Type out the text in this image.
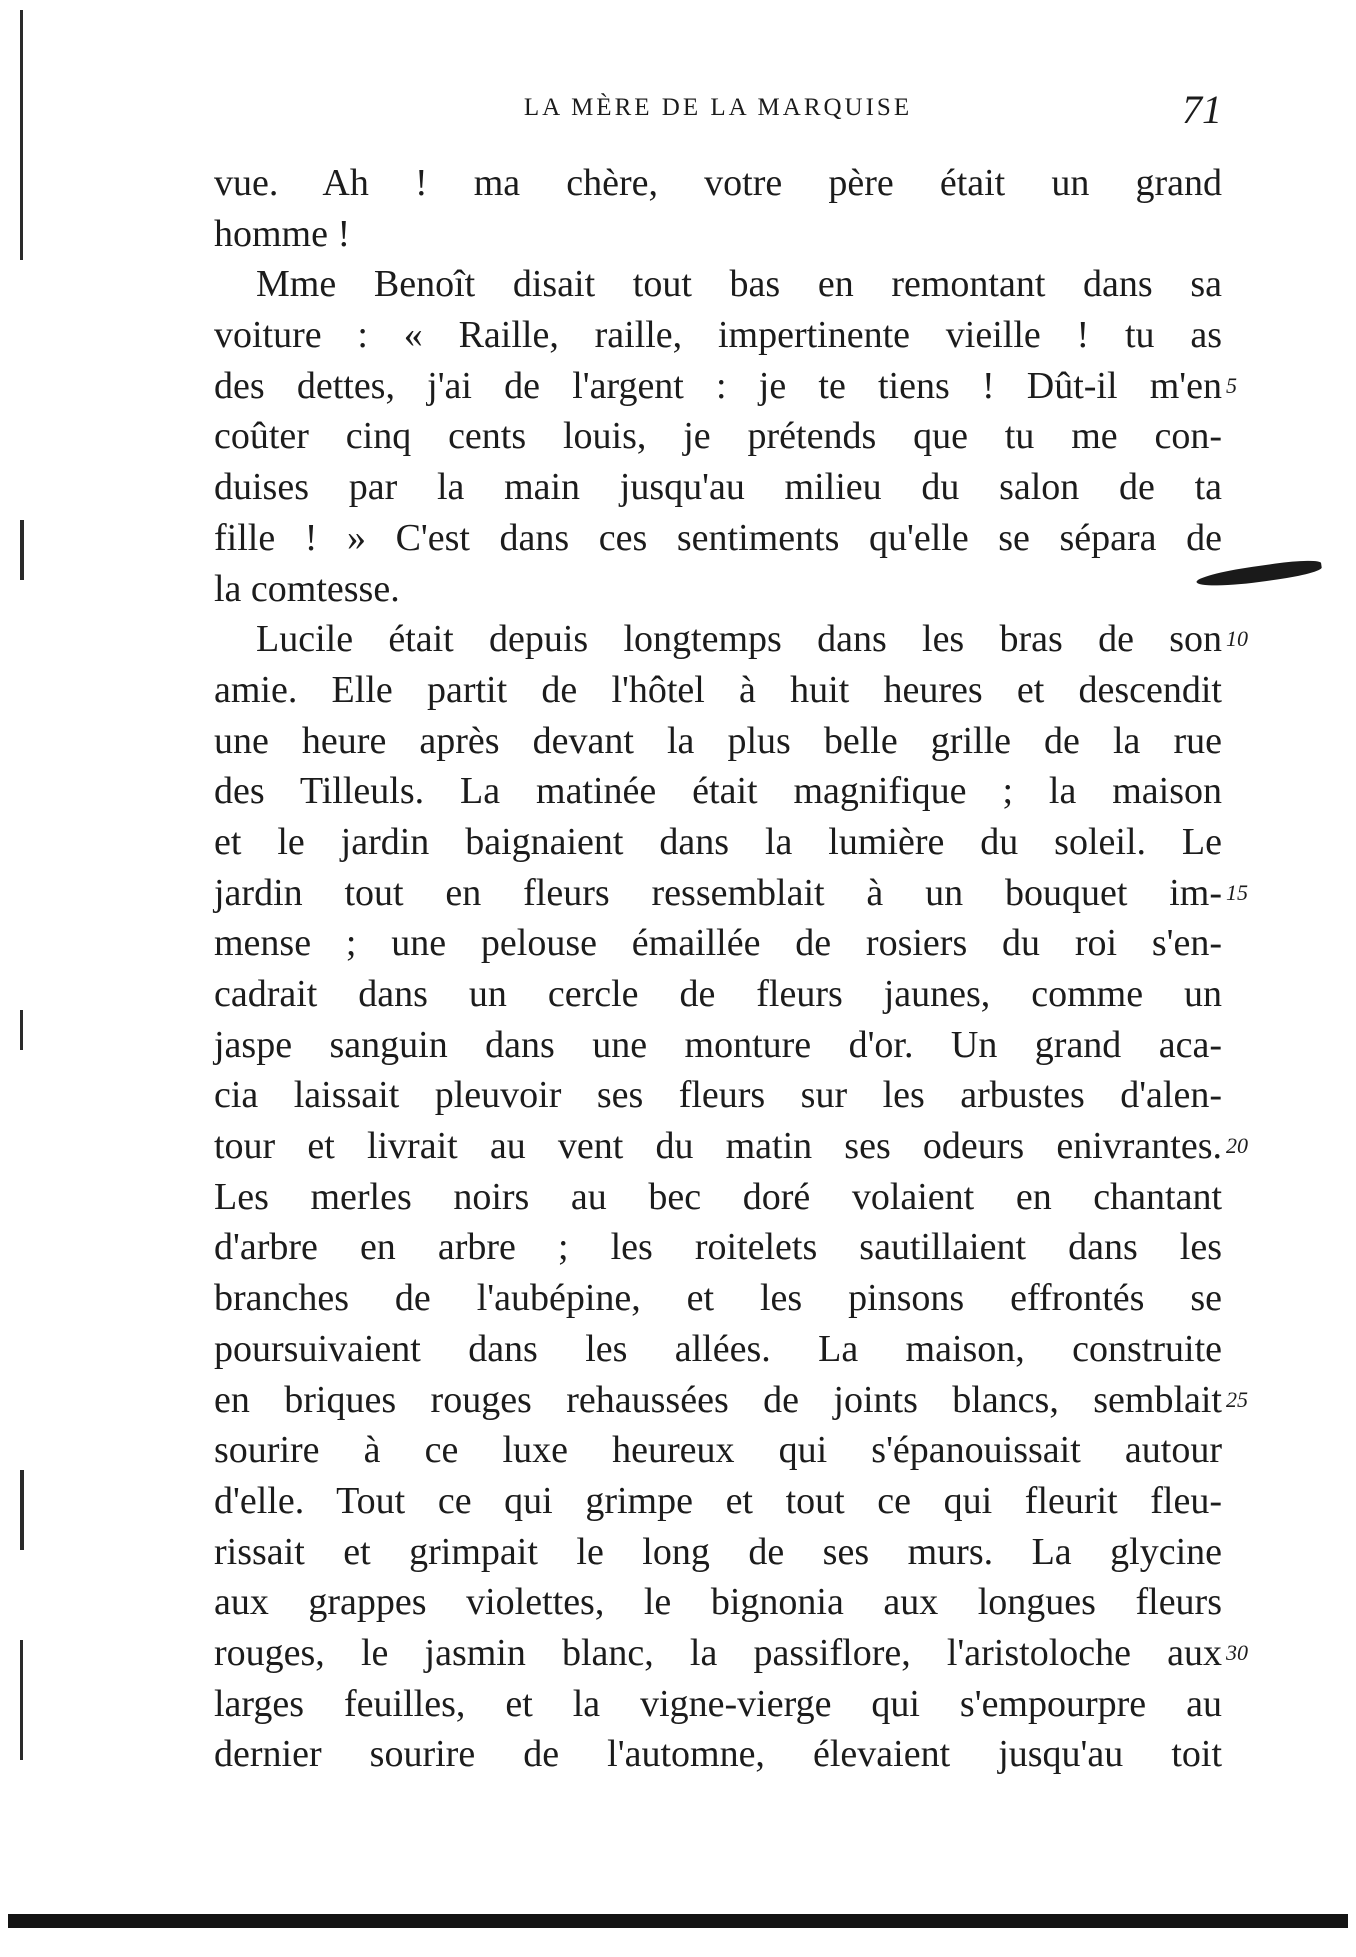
LA MÈRE DE LA MARQUISE	71
vue. Ah ! ma chère, votre père était un grand
homme !
Mme Benoît disait tout bas en remontant dans sa
voiture : « Raille, raille, impertinente vieille ! tu as
des dettes, j'ai de l'argent : je te tiens ! Dût-il m'en 5
coûter cinq cents louis, je prétends que tu me con-
duises par la main jusqu'au milieu du salon de ta
fille ! » C'est dans ces sentiments qu'elle se sépara de
la comtesse.
Lucile était depuis longtemps dans les bras de son 10
amie. Elle partit de l'hôtel à huit heures et descendit
une heure après devant la plus belle grille de la rue
des Tilleuls. La matinée était magnifique ; la maison
et le jardin baignaient dans la lumière du soleil. Le
jardin tout en fleurs ressemblait à un bouquet im- 15
mense ; une pelouse émaillée de rosiers du roi s'en-
cadrait dans un cercle de fleurs jaunes, comme un
jaspe sanguin dans une monture d'or. Un grand aca-
cia laissait pleuvoir ses fleurs sur les arbustes d'alen-
tour et livrait au vent du matin ses odeurs enivrantes. 20
Les merles noirs au bec doré volaient en chantant
d'arbre en arbre ; les roitelets sautillaient dans les
branches de l'aubépine, et les pinsons effrontés se
poursuivaient dans les allées. La maison, construite
en briques rouges rehaussées de joints blancs, semblait 25
sourire à ce luxe heureux qui s'épanouissait autour
d'elle. Tout ce qui grimpe et tout ce qui fleurit fleu-
rissait et grimpait le long de ses murs. La glycine
aux grappes violettes, le bignonia aux longues fleurs
rouges, le jasmin blanc, la passiflore, l'aristoloche aux 30
larges feuilles, et la vigne-vierge qui s'empourpre au
dernier sourire de l'automne, élevaient jusqu'au toit
